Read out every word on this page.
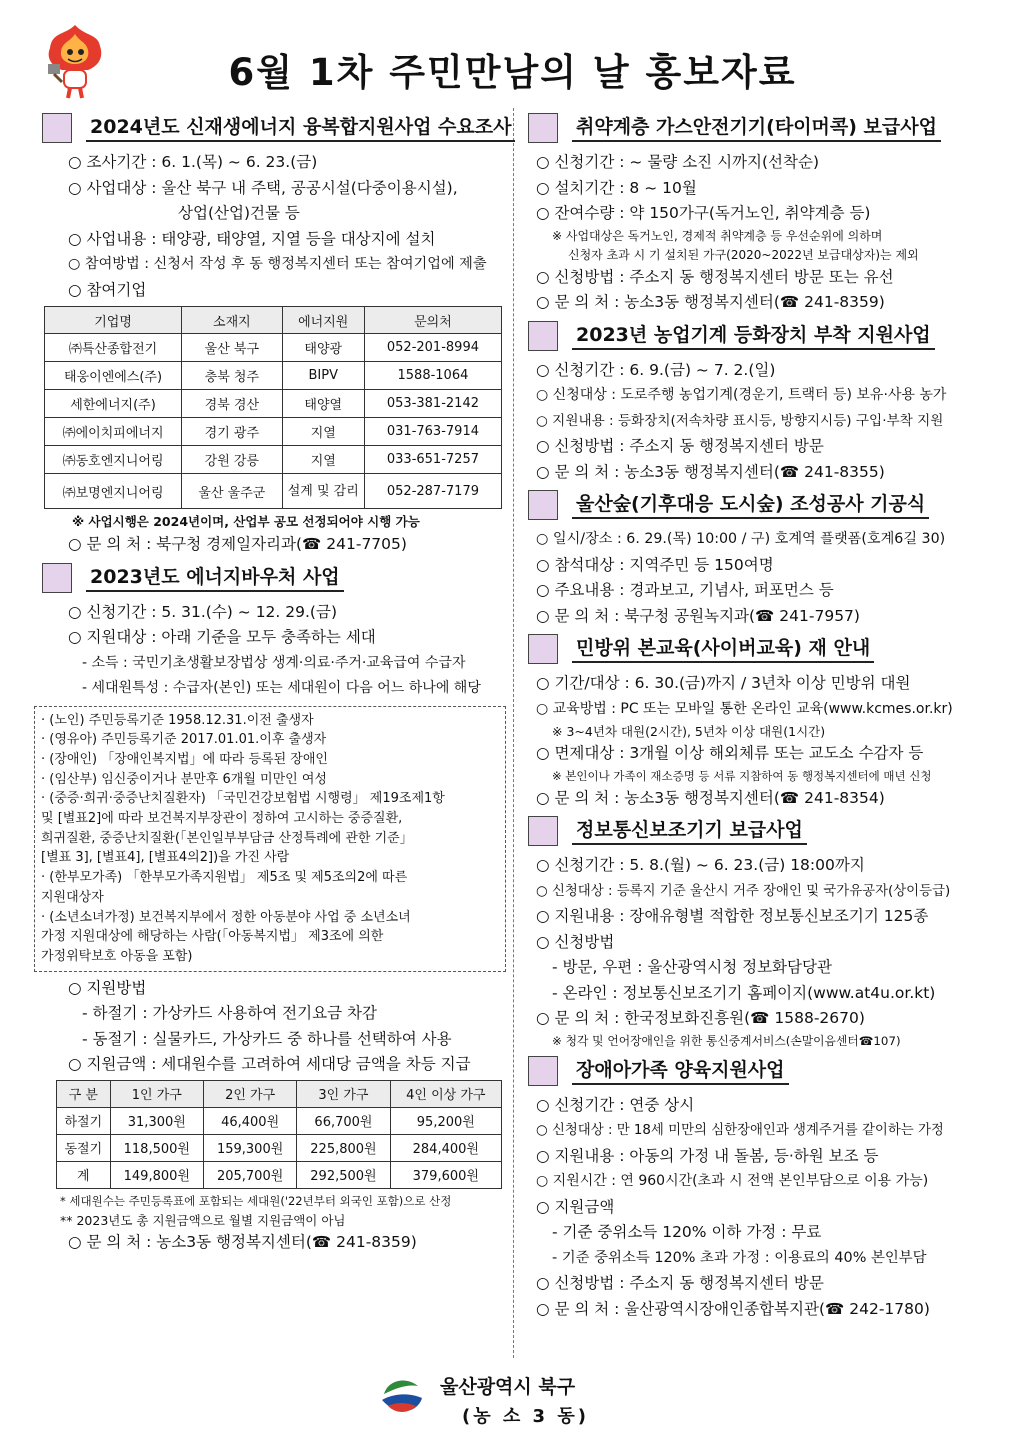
6월 1차 주민만남의 날 홍보자료
2024년도 신재생에너지 융복합지원사업 수요조사
○ 조사기간 : 6. 1.(목) ~ 6. 23.(금)
○ 사업대상 : 울산 북구 내 주택, 공공시설(다중이용시설),
상업(산업)건물 등
○ 사업내용 : 태양광, 태양열, 지열 등을 대상지에 설치
○ 참여방법 : 신청서 작성 후 동 행정복지센터 또는 참여기업에 제출
○ 참여기업
기업명	소재지	에너지원	문의처
㈜특산종합전기	울산 북구	태양광	052-201-8994
태웅이엔에스(주)	충북 청주	BIPV	1588-1064
세한에너지(주)	경북 경산	태양열	053-381-2142
㈜에이치피에너지	경기 광주	지열	031-763-7914
㈜동호엔지니어링	강원 강릉	지열	033-651-7257
㈜보명엔지니어링	울산 울주군	설계 및 감리	052-287-7179
※ 사업시행은 2024년이며, 산업부 공모 선정되어야 시행 가능
○ 문 의 처 : 북구청 경제일자리과(☎ 241-7705)
2023년도 에너지바우처 사업
○ 신청기간 : 5. 31.(수) ~ 12. 29.(금)
○ 지원대상 : 아래 기준을 모두 충족하는 세대
- 소득 : 국민기초생활보장법상 생계·의료·주거·교육급여 수급자
- 세대원특성 : 수급자(본인) 또는 세대원이 다음 어느 하나에 해당
· (노인) 주민등록기준 1958.12.31.이전 출생자
· (영유아) 주민등록기준 2017.01.01.이후 출생자
· (장애인) 「장애인복지법」에 따라 등록된 장애인
· (임산부) 임신중이거나 분만후 6개월 미만인 여성
· (중증·희귀·중증난치질환자) 「국민건강보험법 시행령」 제19조제1항
및 [별표2]에 따라 보건복지부장관이 정하여 고시하는 중증질환,
희귀질환, 중증난치질환(「본인일부부담금 산정특례에 관한 기준」
[별표 3], [별표4], [별표4의2])을 가진 사람
· (한부모가족) 「한부모가족지원법」 제5조 및 제5조의2에 따른
지원대상자
· (소년소녀가정) 보건복지부에서 정한 아동분야 사업 중 소년소녀
가정 지원대상에 해당하는 사람(「아동복지법」 제3조에 의한
가정위탁보호 아동을 포함)
○ 지원방법
- 하절기 : 가상카드 사용하여 전기요금 차감
- 동절기 : 실물카드, 가상카드 중 하나를 선택하여 사용
○ 지원금액 : 세대원수를 고려하여 세대당 금액을 차등 지급
구 분	1인 가구	2인 가구	3인 가구	4인 이상 가구
하절기	31,300원	46,400원	66,700원	95,200원
동절기	118,500원	159,300원	225,800원	284,400원
계	149,800원	205,700원	292,500원	379,600원
* 세대원수는 주민등록표에 포함되는 세대원('22년부터 외국인 포함)으로 산정
** 2023년도 총 지원금액으로 월별 지원금액이 아님
○ 문 의 처 : 농소3동 행정복지센터(☎ 241-8359)
취약계층 가스안전기기(타이머콕) 보급사업
○ 신청기간 : ~ 물량 소진 시까지(선착순)
○ 설치기간 : 8 ~ 10월
○ 잔여수량 : 약 150가구(독거노인, 취약계층 등)
※ 사업대상은 독거노인, 경제적 취약계층 등 우선순위에 의하며
신청자 초과 시 기 설치된 가구(2020~2022년 보급대상자)는 제외
○ 신청방법 : 주소지 동 행정복지센터 방문 또는 유선
○ 문 의 처 : 농소3동 행정복지센터(☎ 241-8359)
2023년 농업기계 등화장치 부착 지원사업
○ 신청기간 : 6. 9.(금) ~ 7. 2.(일)
○ 신청대상 : 도로주행 농업기계(경운기, 트랙터 등) 보유·사용 농가
○ 지원내용 : 등화장치(저속차량 표시등, 방향지시등) 구입·부착 지원
○ 신청방법 : 주소지 동 행정복지센터 방문
○ 문 의 처 : 농소3동 행정복지센터(☎ 241-8355)
울산숲(기후대응 도시숲) 조성공사 기공식
○ 일시/장소 : 6. 29.(목) 10:00 / 구) 호계역 플랫폼(호계6길 30)
○ 참석대상 : 지역주민 등 150여명
○ 주요내용 : 경과보고, 기념사, 퍼포먼스 등
○ 문 의 처 : 북구청 공원녹지과(☎ 241-7957)
민방위 본교육(사이버교육) 재 안내
○ 기간/대상 : 6. 30.(금)까지 / 3년차 이상 민방위 대원
○ 교육방법 : PC 또는 모바일 통한 온라인 교육(www.kcmes.or.kr)
※ 3~4년차 대원(2시간), 5년차 이상 대원(1시간)
○ 면제대상 : 3개월 이상 해외체류 또는 교도소 수감자 등
※ 본인이나 가족이 재소증명 등 서류 지참하여 동 행정복지센터에 매년 신청
○ 문 의 처 : 농소3동 행정복지센터(☎ 241-8354)
정보통신보조기기 보급사업
○ 신청기간 : 5. 8.(월) ~ 6. 23.(금) 18:00까지
○ 신청대상 : 등록지 기준 울산시 거주 장애인 및 국가유공자(상이등급)
○ 지원내용 : 장애유형별 적합한 정보통신보조기기 125종
○ 신청방법
- 방문, 우편 : 울산광역시청 정보화담당관
- 온라인 : 정보통신보조기기 홈페이지(www.at4u.or.kt)
○ 문 의 처 : 한국정보화진흥원(☎ 1588-2670)
※ 청각 및 언어장애인을 위한 통신중계서비스(손말이음센터☎107)
장애아가족 양육지원사업
○ 신청기간 : 연중 상시
○ 신청대상 : 만 18세 미만의 심한장애인과 생계주거를 같이하는 가정
○ 지원내용 : 아동의 가정 내 돌봄, 등·하원 보조 등
○ 지원시간 : 연 960시간(초과 시 전액 본인부담으로 이용 가능)
○ 지원금액
- 기준 중위소득 120% 이하 가정 : 무료
- 기준 중위소득 120% 초과 가정 : 이용료의 40% 본인부담
○ 신청방법 : 주소지 동 행정복지센터 방문
○ 문 의 처 : 울산광역시장애인종합복지관(☎ 242-1780)
울산광역시 북구
(농 소 3 동)
